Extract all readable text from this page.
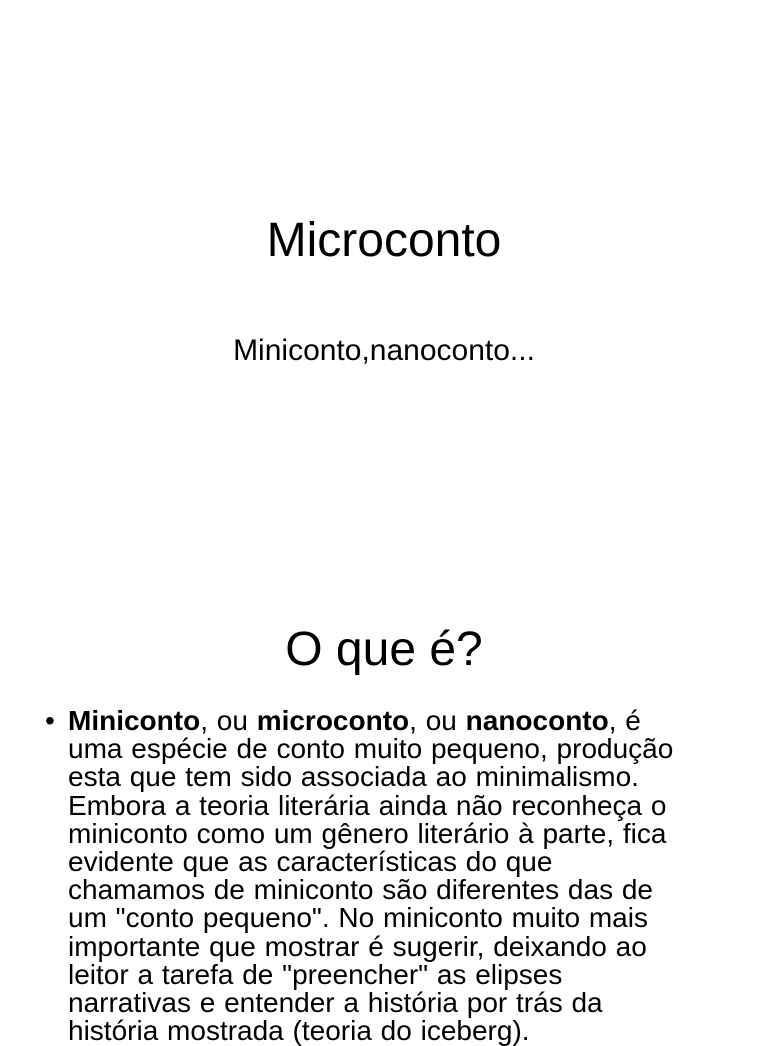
Microconto
Miniconto,nanoconto...
O que é?
• Miniconto, ou microconto, ou nanoconto, é
uma espécie de conto muito pequeno, produção
esta que tem sido associada ao minimalismo.
Embora a teoria literária ainda não reconheça o
miniconto como um gênero literário à parte, fica
evidente que as características do que
chamamos de miniconto são diferentes das de
um "conto pequeno". No miniconto muito mais
importante que mostrar é sugerir, deixando ao
leitor a tarefa de "preencher" as elipses
narrativas e entender a história por trás da
história mostrada (teoria do iceberg).
